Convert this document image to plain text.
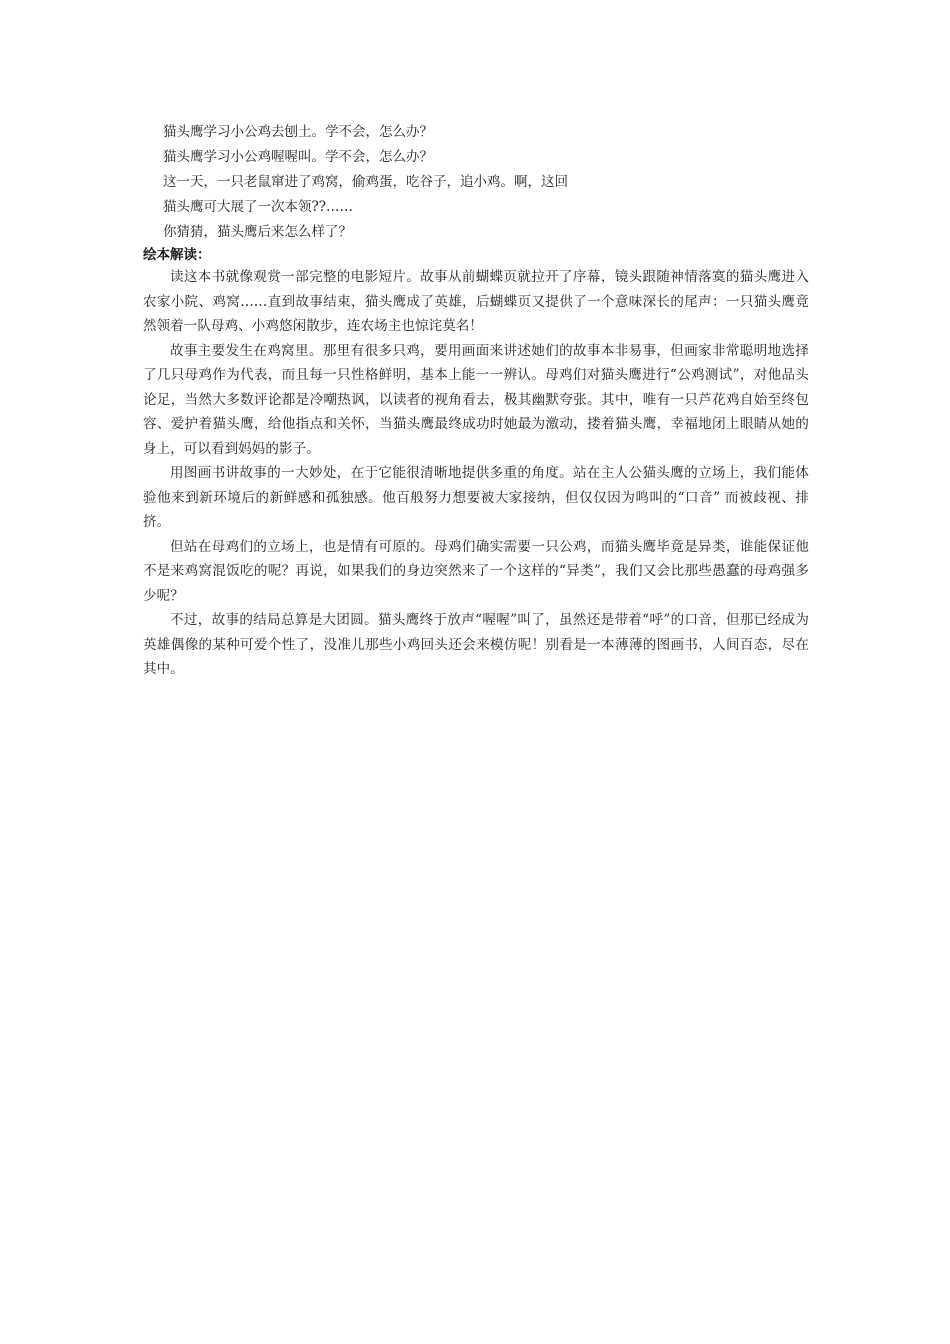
猫头鹰学习小公鸡去刨土。学不会，怎么办？

猫头鹰学习小公鸡喔喔叫。学不会，怎么办？

这一天，一只老鼠窜进了鸡窝，偷鸡蛋，吃谷子，追小鸡。啊，这回

猫头鹰可大展了一次本领??……

你猜猜，猫头鹰后来怎么样了？

绘本解读：

读这本书就像观赏一部完整的电影短片。故事从前蝴蝶页就拉开了序幕，镜头跟随神情落寞的猫头鹰进入农家小院、鸡窝……直到故事结束，猫头鹰成了英雄，后蝴蝶页又提供了一个意味深长的尾声：一只猫头鹰竟然领着一队母鸡、小鸡悠闲散步，连农场主也惊诧莫名！

故事主要发生在鸡窝里。那里有很多只鸡，要用画面来讲述她们的故事本非易事，但画家非常聪明地选择了几只母鸡作为代表，而且每一只性格鲜明，基本上能一一辨认。母鸡们对猫头鹰进行“公鸡测试”，对他品头论足，当然大多数评论都是冷嘲热讽，以读者的视角看去，极其幽默夸张。其中，唯有一只芦花鸡自始至终包容、爱护着猫头鹰，给他指点和关怀，当猫头鹰最终成功时她最为激动，搂着猫头鹰，幸福地闭上眼睛从她的身上，可以看到妈妈的影子。

用图画书讲故事的一大妙处，在于它能很清晰地提供多重的角度。站在主人公猫头鹰的立场上，我们能体验他来到新环境后的新鲜感和孤独感。他百般努力想要被大家接纳，但仅仅因为鸣叫的“口音” 而被歧视、排挤。

但站在母鸡们的立场上，也是情有可原的。母鸡们确实需要一只公鸡，而猫头鹰毕竟是异类，谁能保证他不是来鸡窝混饭吃的呢？再说，如果我们的身边突然来了一个这样的“异类”，我们又会比那些愚蠢的母鸡强多少呢？

不过，故事的结局总算是大团圆。猫头鹰终于放声“喔喔”叫了，虽然还是带着“呼”的口音，但那已经成为英雄偶像的某种可爱个性了，没准儿那些小鸡回头还会来模仿呢！别看是一本薄薄的图画书，人间百态，尽在其中。
